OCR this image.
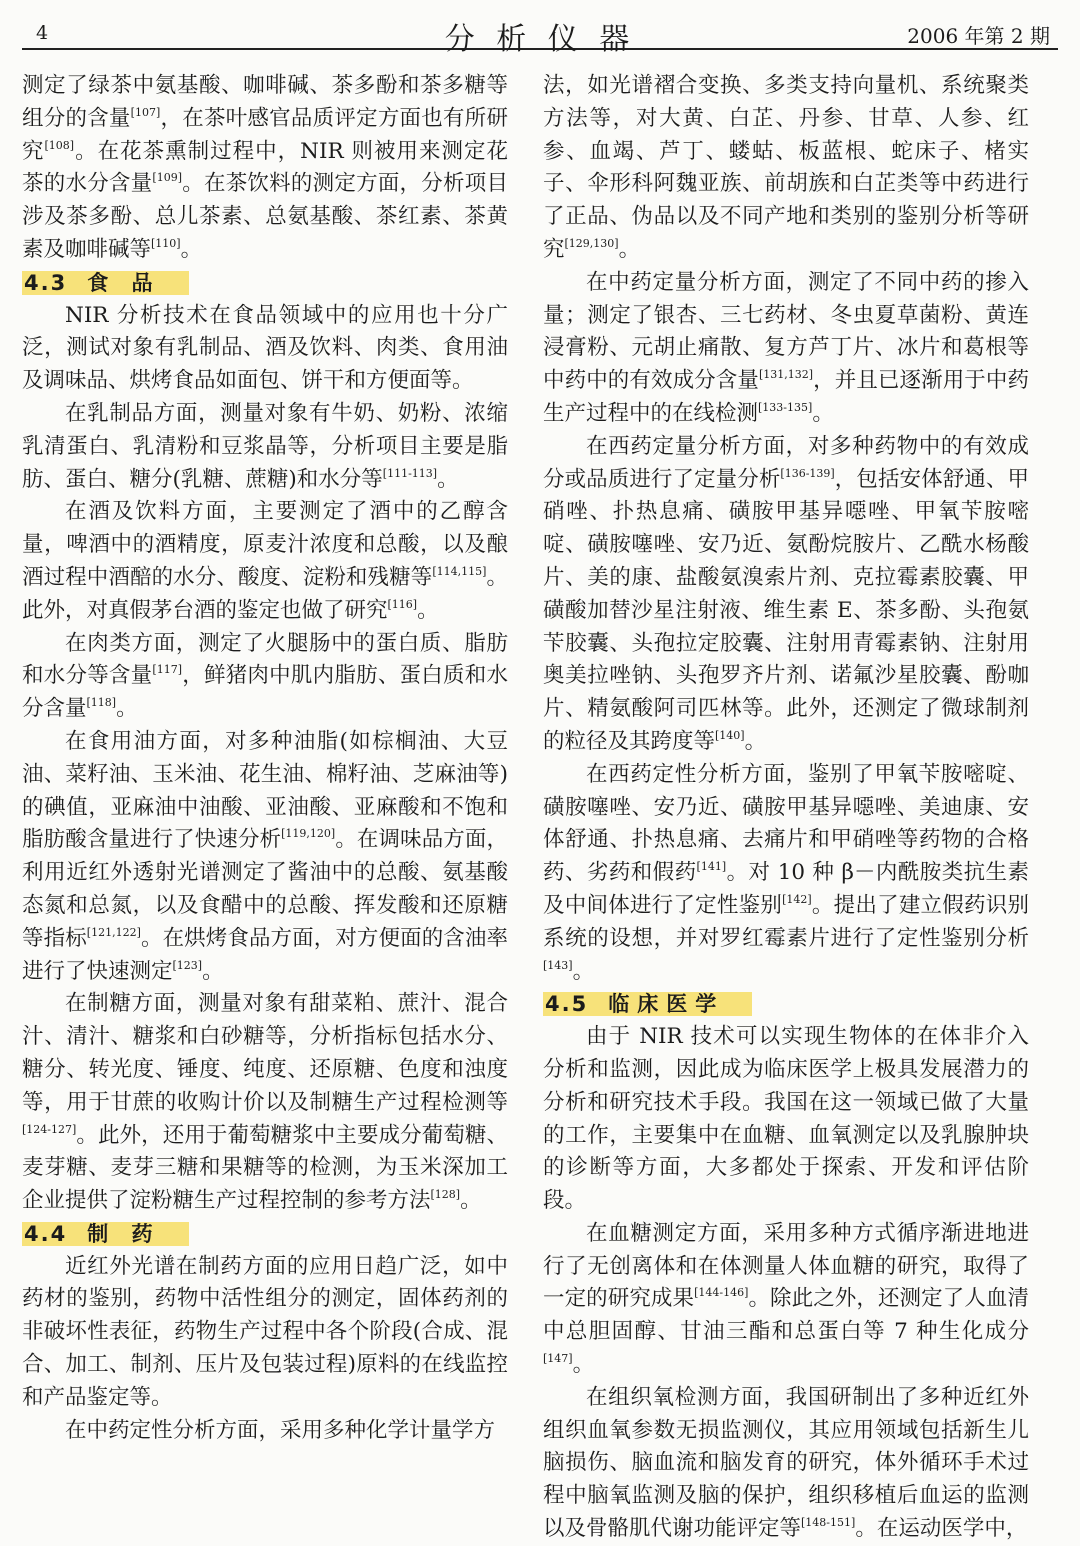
4	分 析 仪 器	2006 年第 2 期

测定了绿茶中氨基酸、咖啡碱、茶多酚和茶多糖等组分的含量[107]，在茶叶感官品质评定方面也有所研究[108]。在花茶熏制过程中，NIR 则被用来测定花茶的水分含量[109]。在茶饮料的测定方面，分析项目涉及茶多酚、总儿茶素、总氨基酸、茶红素、茶黄素及咖啡碱等[110]。

4.3 食 品

NIR 分析技术在食品领域中的应用也十分广泛，测试对象有乳制品、酒及饮料、肉类、食用油及调味品、烘烤食品如面包、饼干和方便面等。

在乳制品方面，测量对象有牛奶、奶粉、浓缩乳清蛋白、乳清粉和豆浆晶等，分析项目主要是脂肪、蛋白、糖分(乳糖、蔗糖)和水分等[111-113]。

在酒及饮料方面，主要测定了酒中的乙醇含量，啤酒中的酒精度，原麦汁浓度和总酸，以及酿酒过程中酒醅的水分、酸度、淀粉和残糖等[114,115]。此外，对真假茅台酒的鉴定也做了研究[116]。

在肉类方面，测定了火腿肠中的蛋白质、脂肪和水分等含量[117]，鲜猪肉中肌内脂肪、蛋白质和水分含量[118]。

在食用油方面，对多种油脂(如棕榈油、大豆油、菜籽油、玉米油、花生油、棉籽油、芝麻油等)的碘值，亚麻油中油酸、亚油酸、亚麻酸和不饱和脂肪酸含量进行了快速分析[119,120]。在调味品方面，利用近红外透射光谱测定了酱油中的总酸、氨基酸态氮和总氮，以及食醋中的总酸、挥发酸和还原糖等指标[121,122]。在烘烤食品方面，对方便面的含油率进行了快速测定[123]。

在制糖方面，测量对象有甜菜粕、蔗汁、混合汁、清汁、糖浆和白砂糖等，分析指标包括水分、糖分、转光度、锤度、纯度、还原糖、色度和浊度等，用于甘蔗的收购计价以及制糖生产过程检测等[124-127]。此外，还用于葡萄糖浆中主要成分葡萄糖、麦芽糖、麦芽三糖和果糖等的检测，为玉米深加工企业提供了淀粉糖生产过程控制的参考方法[128]。

4.4 制 药

近红外光谱在制药方面的应用日趋广泛，如中药材的鉴别，药物中活性组分的测定，固体药剂的非破坏性表征，药物生产过程中各个阶段(合成、混合、加工、制剂、压片及包装过程)原料的在线监控和产品鉴定等。

在中药定性分析方面，采用多种化学计量学方

法，如光谱褶合变换、多类支持向量机、系统聚类方法等，对大黄、白芷、丹参、甘草、人参、红参、血竭、芦丁、蝼蛄、板蓝根、蛇床子、楮实子、伞形科阿魏亚族、前胡族和白芷类等中药进行了正品、伪品以及不同产地和类别的鉴别分析等研究[129,130]。

在中药定量分析方面，测定了不同中药的掺入量；测定了银杏、三七药材、冬虫夏草菌粉、黄连浸膏粉、元胡止痛散、复方芦丁片、冰片和葛根等中药中的有效成分含量[131,132]，并且已逐渐用于中药生产过程中的在线检测[133-135]。

在西药定量分析方面，对多种药物中的有效成分或品质进行了定量分析[136-139]，包括安体舒通、甲硝唑、扑热息痛、磺胺甲基异噁唑、甲氧苄胺嘧啶、磺胺噻唑、安乃近、氨酚烷胺片、乙酰水杨酸片、美的康、盐酸氨溴索片剂、克拉霉素胶囊、甲磺酸加替沙星注射液、维生素 E、茶多酚、头孢氨苄胶囊、头孢拉定胶囊、注射用青霉素钠、注射用奥美拉唑钠、头孢罗齐片剂、诺氟沙星胶囊、酚咖片、精氨酸阿司匹林等。此外，还测定了微球制剂的粒径及其跨度等[140]。

在西药定性分析方面，鉴别了甲氧苄胺嘧啶、磺胺噻唑、安乃近、磺胺甲基异噁唑、美迪康、安体舒通、扑热息痛、去痛片和甲硝唑等药物的合格药、劣药和假药[141]。对 10 种 β－内酰胺类抗生素及中间体进行了定性鉴别[142]。提出了建立假药识别系统的设想，并对罗红霉素片进行了定性鉴别分析[143]。

4.5 临床医学

由于 NIR 技术可以实现生物体的在体非介入分析和监测，因此成为临床医学上极具发展潜力的分析和研究技术手段。我国在这一领域已做了大量的工作，主要集中在血糖、血氧测定以及乳腺肿块的诊断等方面，大多都处于探索、开发和评估阶段。

在血糖测定方面，采用多种方式循序渐进地进行了无创离体和在体测量人体血糖的研究，取得了一定的研究成果[144-146]。除此之外，还测定了人血清中总胆固醇、甘油三酯和总蛋白等 7 种生化成分[147]。

在组织氧检测方面，我国研制出了多种近红外组织血氧参数无损监测仪，其应用领域包括新生儿脑损伤、脑血流和脑发育的研究，体外循环手术过程中脑氧监测及脑的保护，组织移植后血运的监测以及骨骼肌代谢功能评定等[148-151]。在运动医学中，
